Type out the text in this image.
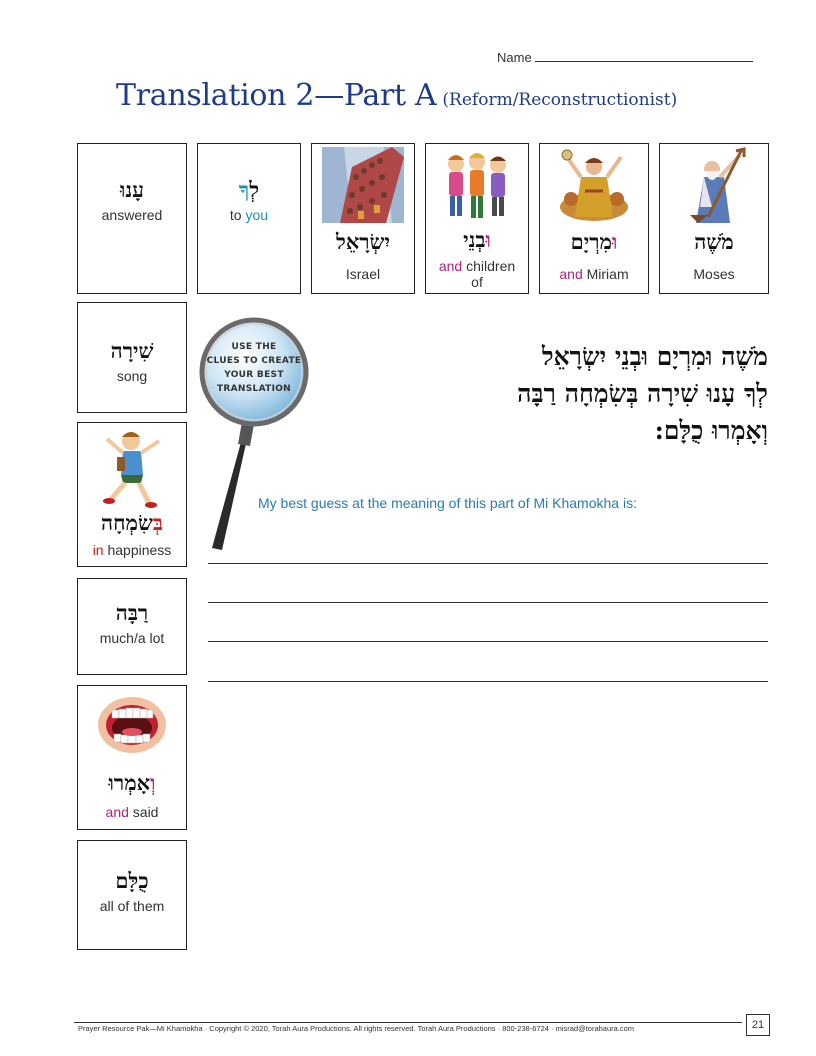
Name
Translation 2—Part A (Reform/Reconstructionist)
עָנוּ
answered
לְךָ
to you
יִשְׂרָאֵל
Israel
וּבְנֵי
and children of
וּמִרְיָם
and Miriam
מֹשֶׁה
Moses
שִׁירָה
song
בְּשִׂמְחָה
in happiness
רַבָּה
much/a lot
וְאָמְרוּ
and said
כֻלָּם
all of them
USE THE
CLUES TO CREATE
YOUR BEST
TRANSLATION
מֹשֶׁה וּמִרְיָם וּבְנֵי יִשְׂרָאֵל
לְךָ עָנוּ שִׁירָה בְּשִׂמְחָה רַבָּה
וְאָמְרוּ כֻלָּם:
My best guess at the meaning of this part of Mi Khamokha is:
Prayer Resource Pak—Mi Khamokha · Copyright © 2020, Torah Aura Productions. All rights reserved. Torah Aura Productions · 800-238-6724 · misrad@torahaura.com	21
